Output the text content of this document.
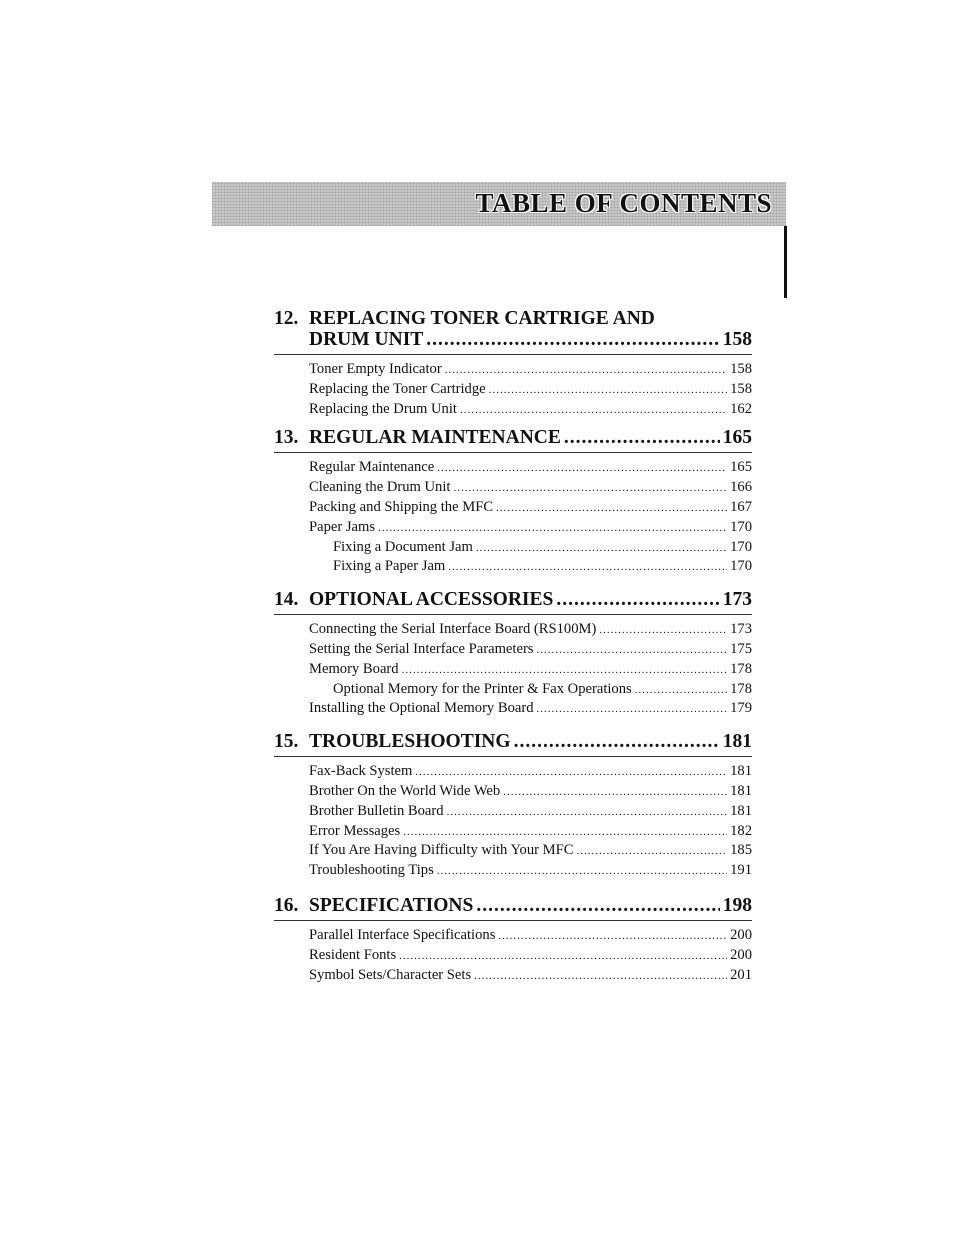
TABLE OF CONTENTS
12. REPLACING TONER CARTRIGE AND
DRUM UNIT .....	158
Toner Empty Indicator .....	158
Replacing the Toner Cartridge .....	158
Replacing the Drum Unit .....	162
13. REGULAR MAINTENANCE .....	165
Regular Maintenance .....	165
Cleaning the Drum Unit .....	166
Packing and Shipping the MFC .....	167
Paper Jams .....	170
Fixing a Document Jam .....	170
Fixing a Paper Jam .....	170
14. OPTIONAL ACCESSORIES .....	173
Connecting the Serial Interface Board (RS100M) .....	173
Setting the Serial Interface Parameters .....	175
Memory Board .....	178
Optional Memory for the Printer & Fax Operations .....	178
Installing the Optional Memory Board .....	179
15. TROUBLESHOOTING .....	181
Fax-Back System .....	181
Brother On the World Wide Web .....	181
Brother Bulletin Board .....	181
Error Messages .....	182
If You Are Having Difficulty with Your MFC .....	185
Troubleshooting Tips .....	191
16. SPECIFICATIONS .....	198
Parallel Interface Specifications .....	200
Resident Fonts .....	200
Symbol Sets/Character Sets .....	201
